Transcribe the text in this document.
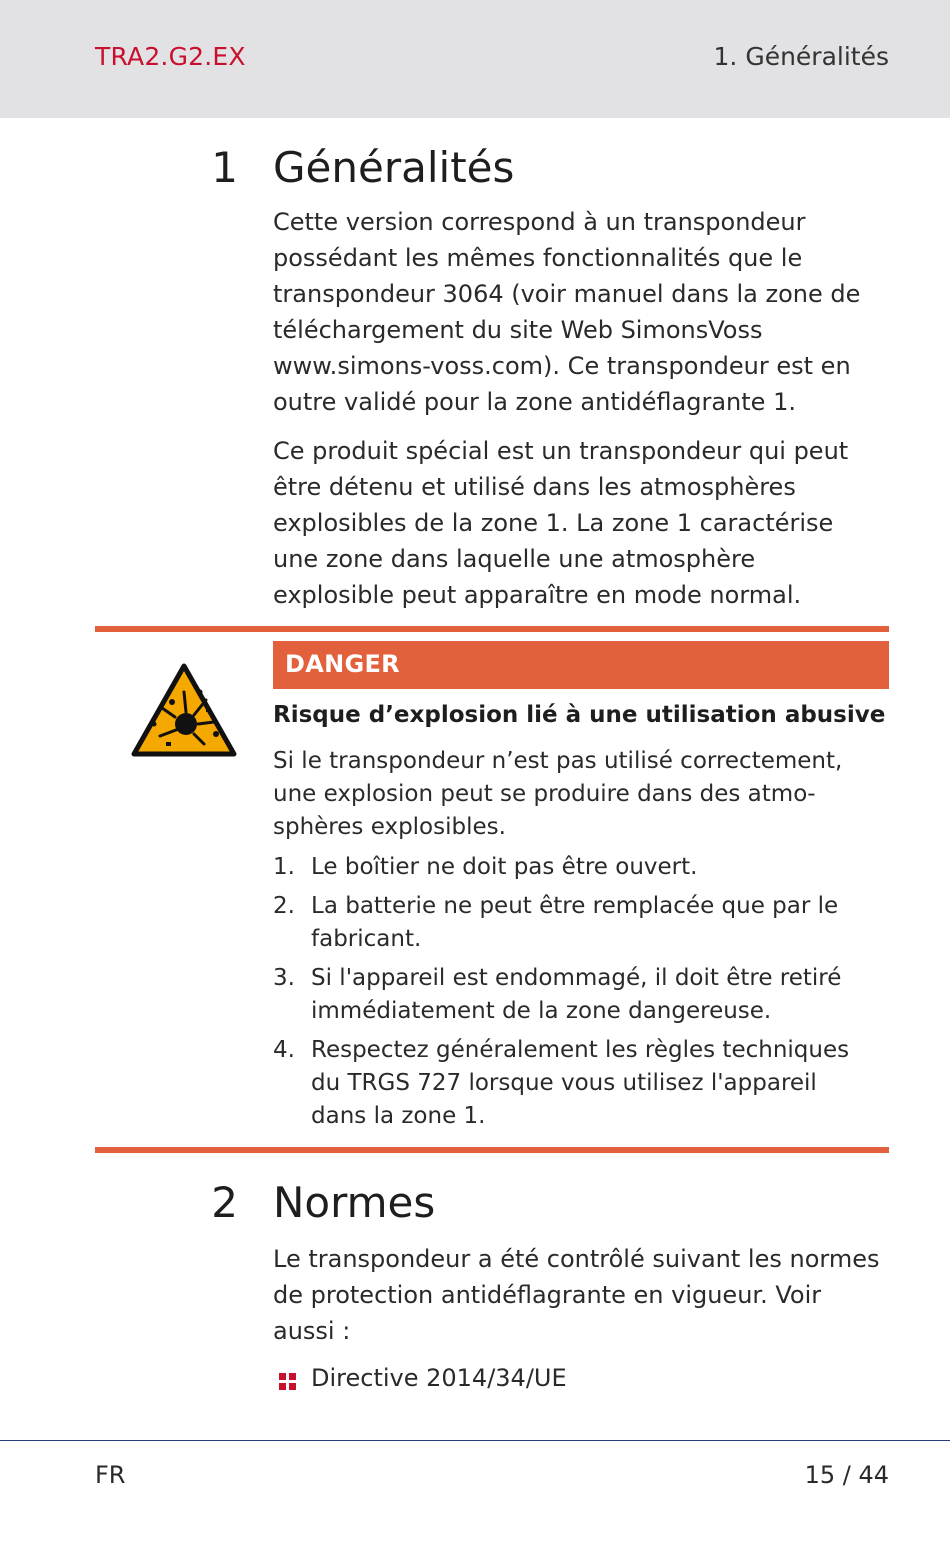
TRA2.G2.EX	1. Généralités
1 Généralités

Cette version correspond à un transpondeur possédant les mêmes fonctionnalités que le transpondeur 3064 (voir manuel dans la zone de téléchargement du site Web SimonsVoss www.simons-voss.com). Ce transpondeur est en outre validé pour la zone antidéflagrante 1.

Ce produit spécial est un transpondeur qui peut être détenu et utilisé dans les atmosphères explosibles de la zone 1. La zone 1 caractérise une zone dans laquelle une atmosphère explosible peut apparaître en mode normal.

DANGER
Risque d’explosion lié à une utilisation abusive

Si le transpondeur n’est pas utilisé correctement, une explosion peut se produire dans des atmosphères explosibles.

1. Le boîtier ne doit pas être ouvert.
2. La batterie ne peut être remplacée que par le fabricant.
3. Si l'appareil est endommagé, il doit être retiré immédiatement de la zone dangereuse.
4. Respectez généralement les règles techniques du TRGS 727 lorsque vous utilisez l'appareil dans la zone 1.
2 Normes

Le transpondeur a été contrôlé suivant les normes de protection antidéflagrante en vigueur. Voir aussi :

Directive 2014/34/UE
FR	15 / 44
